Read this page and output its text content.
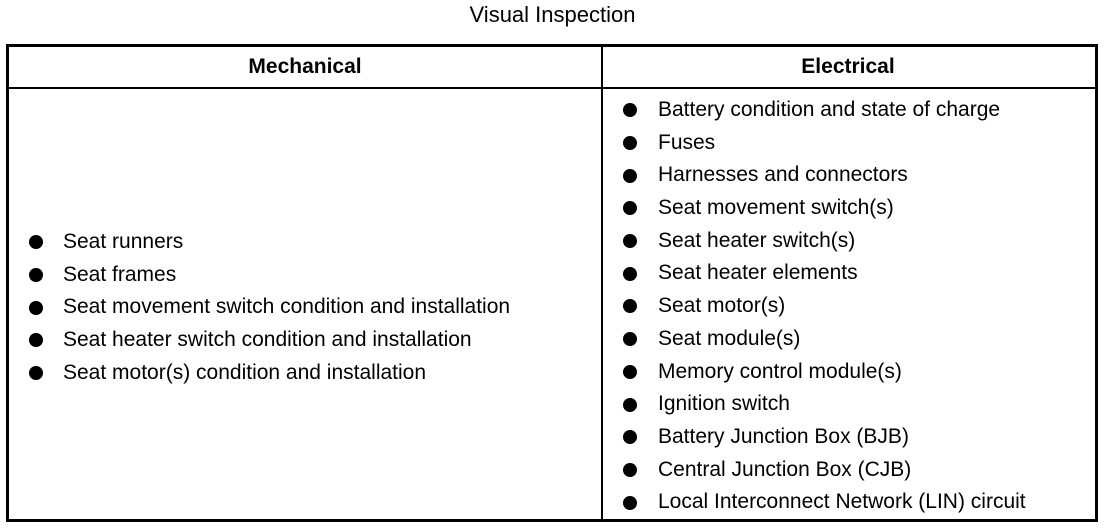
Visual Inspection
Mechanical	Electrical
Seat runners
Seat frames
Seat movement switch condition and installation
Seat heater switch condition and installation
Seat motor(s) condition and installation
Battery condition and state of charge
Fuses
Harnesses and connectors
Seat movement switch(s)
Seat heater switch(s)
Seat heater elements
Seat motor(s)
Seat module(s)
Memory control module(s)
Ignition switch
Battery Junction Box (BJB)
Central Junction Box (CJB)
Local Interconnect Network (LIN) circuit
